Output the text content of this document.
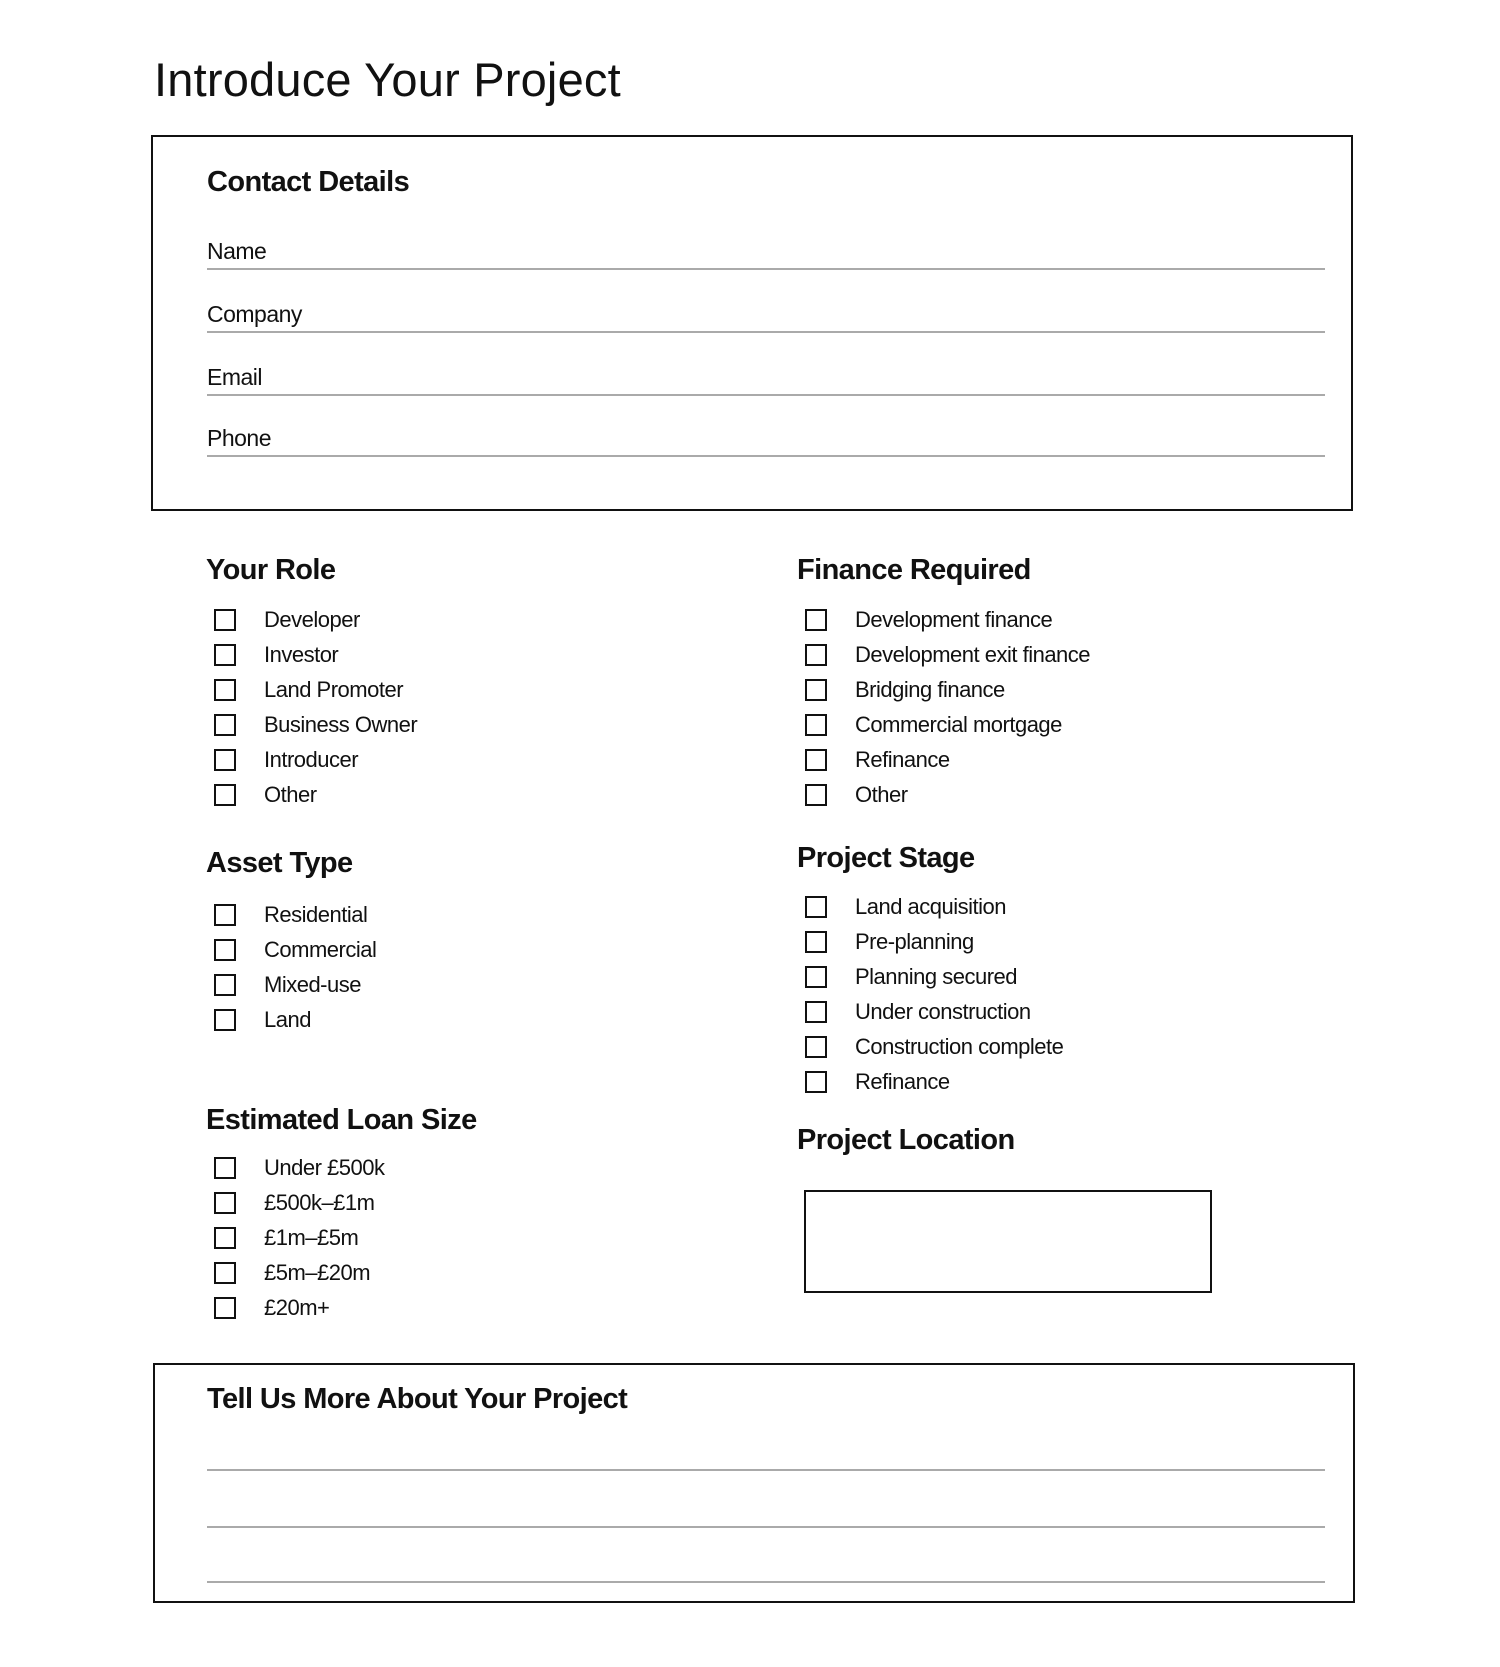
Introduce Your Project
Contact Details
Name
Company
Email
Phone
Your Role
Developer
Investor
Land Promoter
Business Owner
Introducer
Other
Asset Type
Residential
Commercial
Mixed-use
Land
Estimated Loan Size
Under £500k
£500k–£1m
£1m–£5m
£5m–£20m
£20m+
Finance Required
Development finance
Development exit finance
Bridging finance
Commercial mortgage
Refinance
Other
Project Stage
Land acquisition
Pre-planning
Planning secured
Under construction
Construction complete
Refinance
Project Location
Tell Us More About Your Project
